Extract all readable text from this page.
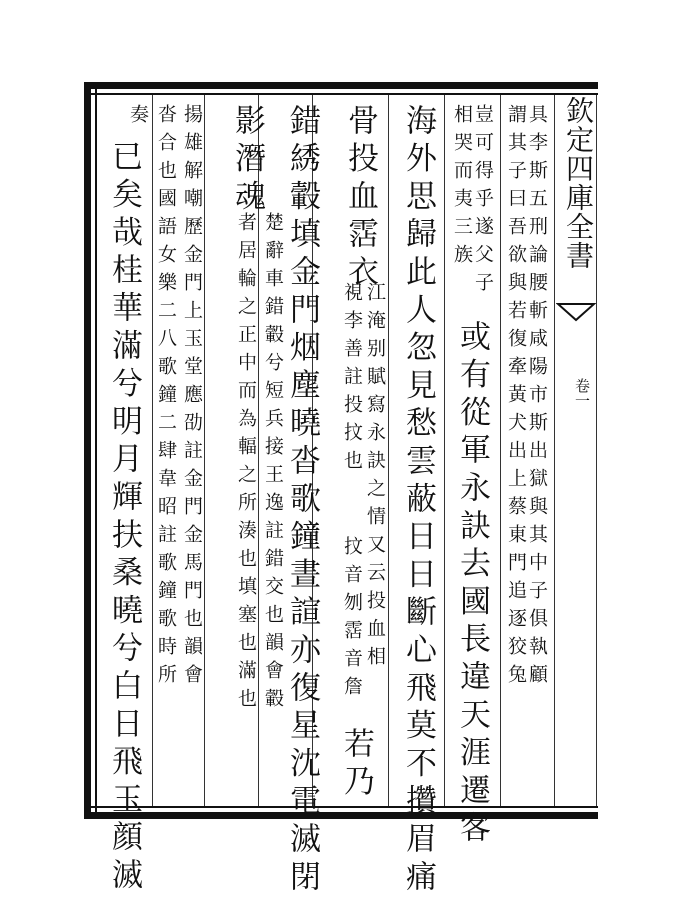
欽定四庫全書
卷一
具李斯五刑論腰斬咸陽市斯出獄與其中子俱執顧
謂其子曰吾欲與若復牽黃犬出上蔡東門追逐狡兔
豈可得乎遂父子
相哭而夷三族
或有從軍永訣去國長違天涯遷客
海外思歸此人忽見愁雲蔽日日斷心飛莫不攢眉痛
骨投血霑衣
江淹别賦寫永訣之情又云投血相
視李善註投抆也
抆音刎霑音詹
若乃
錯綉轂填金門烟塵曉沓歌鐘晝諠亦復星沈電滅閉
影潛魂
楚辭車錯轂兮短兵接王逸註錯交也韻會轂
者居輪之正中而為輻之所湊也填塞也滿也
揚雄解嘲歷金門上玉堂應劭註金門金馬門也韻會
沓合也國語女樂二八歌鐘二肆韋昭註歌鐘歌時所
奏
已矣哉桂華滿兮明月輝扶桑曉兮白日飛玉顔滅
